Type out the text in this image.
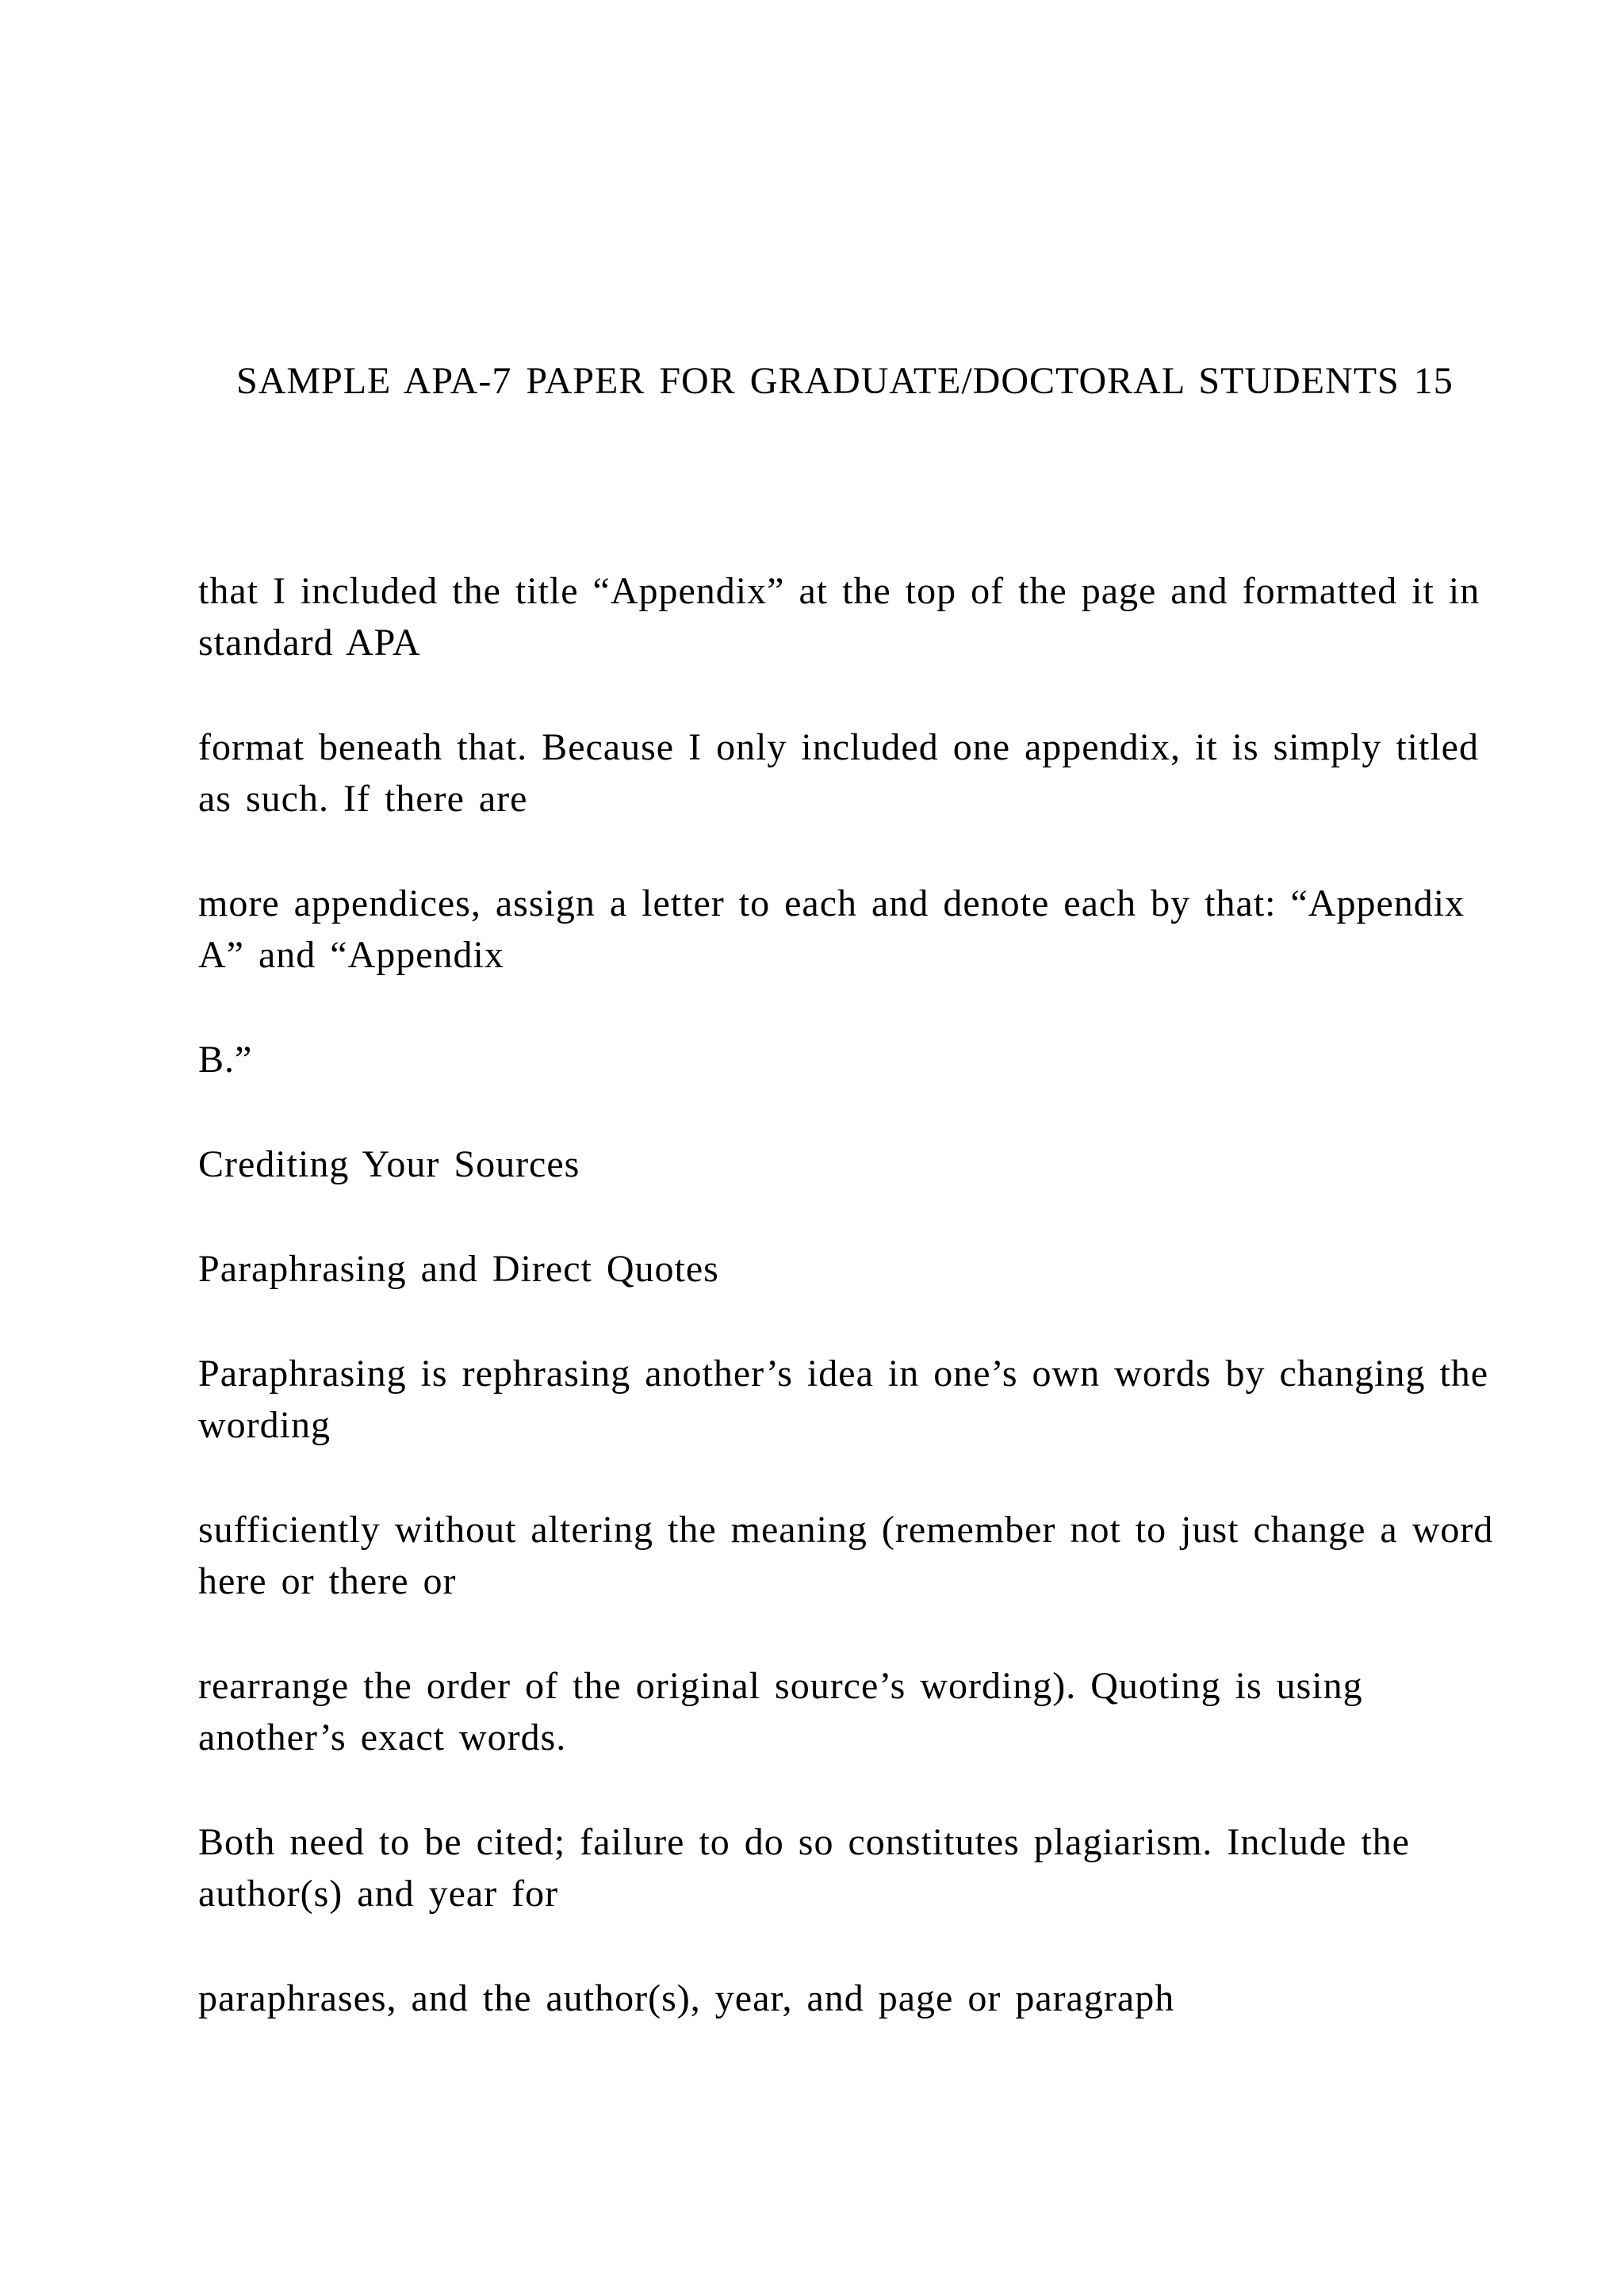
SAMPLE APA-7 PAPER FOR GRADUATE/DOCTORAL STUDENTS 15

that I included the title “Appendix” at the top of the page and formatted it in standard APA

format beneath that. Because I only included one appendix, it is simply titled as such. If there are

more appendices, assign a letter to each and denote each by that: “Appendix A” and “Appendix

B.”

Crediting Your Sources

Paraphrasing and Direct Quotes

Paraphrasing is rephrasing another’s idea in one’s own words by changing the wording

sufficiently without altering the meaning (remember not to just change a word here or there or

rearrange the order of the original source’s wording). Quoting is using another’s exact words.

Both need to be cited; failure to do so constitutes plagiarism. Include the author(s) and year for

paraphrases, and the author(s), year, and page or paragraph
